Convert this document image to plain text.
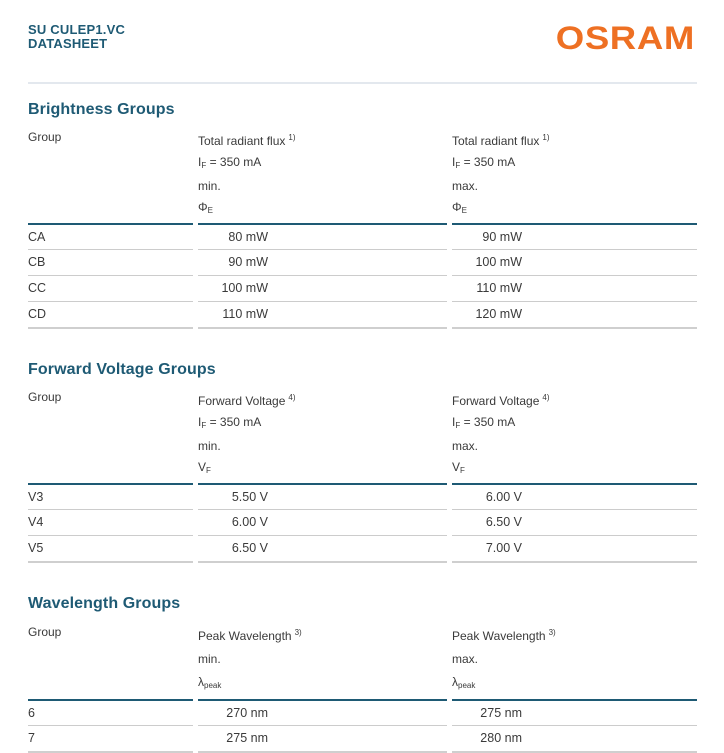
SU CULEP1.VC
DATASHEET	OSRAM
Brightness Groups
Group	Total radiant flux $^{1)}$
$I_F = 350$ mA
min.
$\Phi_E$
Total radiant flux $^{1)}$
$I_F = 350$ mA
max.
$\Phi_E$
CA	80 mW	90 mW
CB	90 mW	100 mW
CC	100 mW	110 mW
CD	110 mW	120 mW
Forward Voltage Groups
Group	Forward Voltage $^{4)}$
$I_F = 350$ mA
min.
$V_F$
Forward Voltage $^{4)}$
$I_F = 350$ mA
max.
$V_F$
V3	5.50 V	6.00 V
V4	6.00 V	6.50 V
V5	6.50 V	7.00 V
Wavelength Groups
Group	Peak Wavelength $^{3)}$
min.
$\lambda_{peak}$
Peak Wavelength $^{3)}$
max.
$\lambda_{peak}$
6	270 nm	275 nm
7	275 nm	280 nm
